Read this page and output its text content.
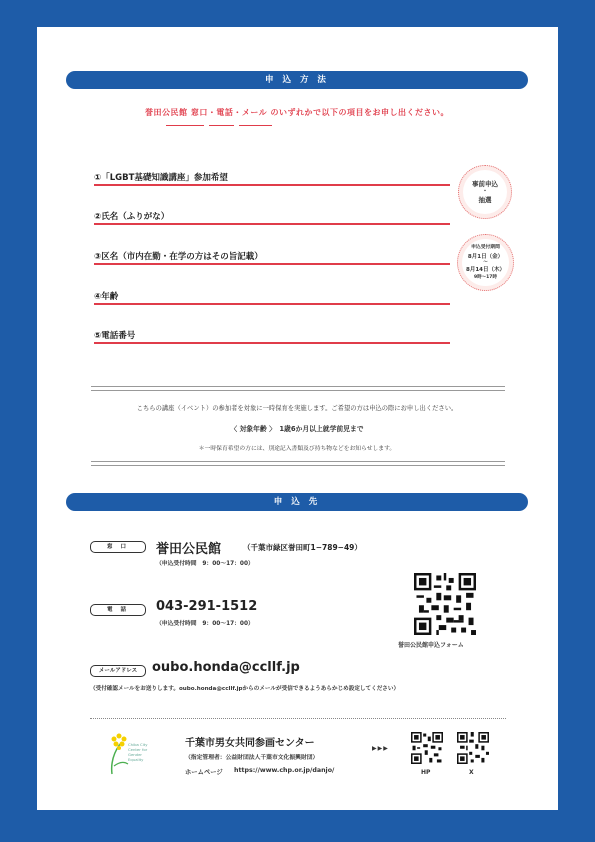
申 込 方 法
誉田公民館 窓口・電話・メール のいずれかで以下の項目をお申し出ください。
①「LGBT基礎知識講座」参加希望
②氏名（ふりがな）
③区名（市内在勤・在学の方はその旨記載）
④年齢
⑤電話番号
事前申込
・
抽選
申込受付期間
8月1日（金）
〜
8月14日（木）
9時〜17時
こちらの講座（イベント）の参加者を対象に一時保育を実施します。ご希望の方は申込の際にお申し出ください。
〈 対象年齢 〉　1歳6か月以上就学前児まで
＊一時保育希望の方には、別途記入書類及び持ち物などをお知らせします。
申 込 先
窓 口	誉田公民館	（千葉市緑区誉田町1−789−49）
（申込受付時間　9：00〜17：00）
電 話	043-291-1512
（申込受付時間　9：00〜17：00）
誉田公民館申込フォーム
メールアドレス	oubo.honda@ccllf.jp
（受付確認メールをお送りします。oubo.honda@ccllf.jpからのメールが受信できるようあらかじめ設定してください）
Chiba City
Center for
Gender
Equality
千葉市男女共同参画センター
（指定管理者：公益財団法人千葉市文化振興財団）
ホームページ https://www.chp.or.jp/danjo/
▶▶▶
HP	X
